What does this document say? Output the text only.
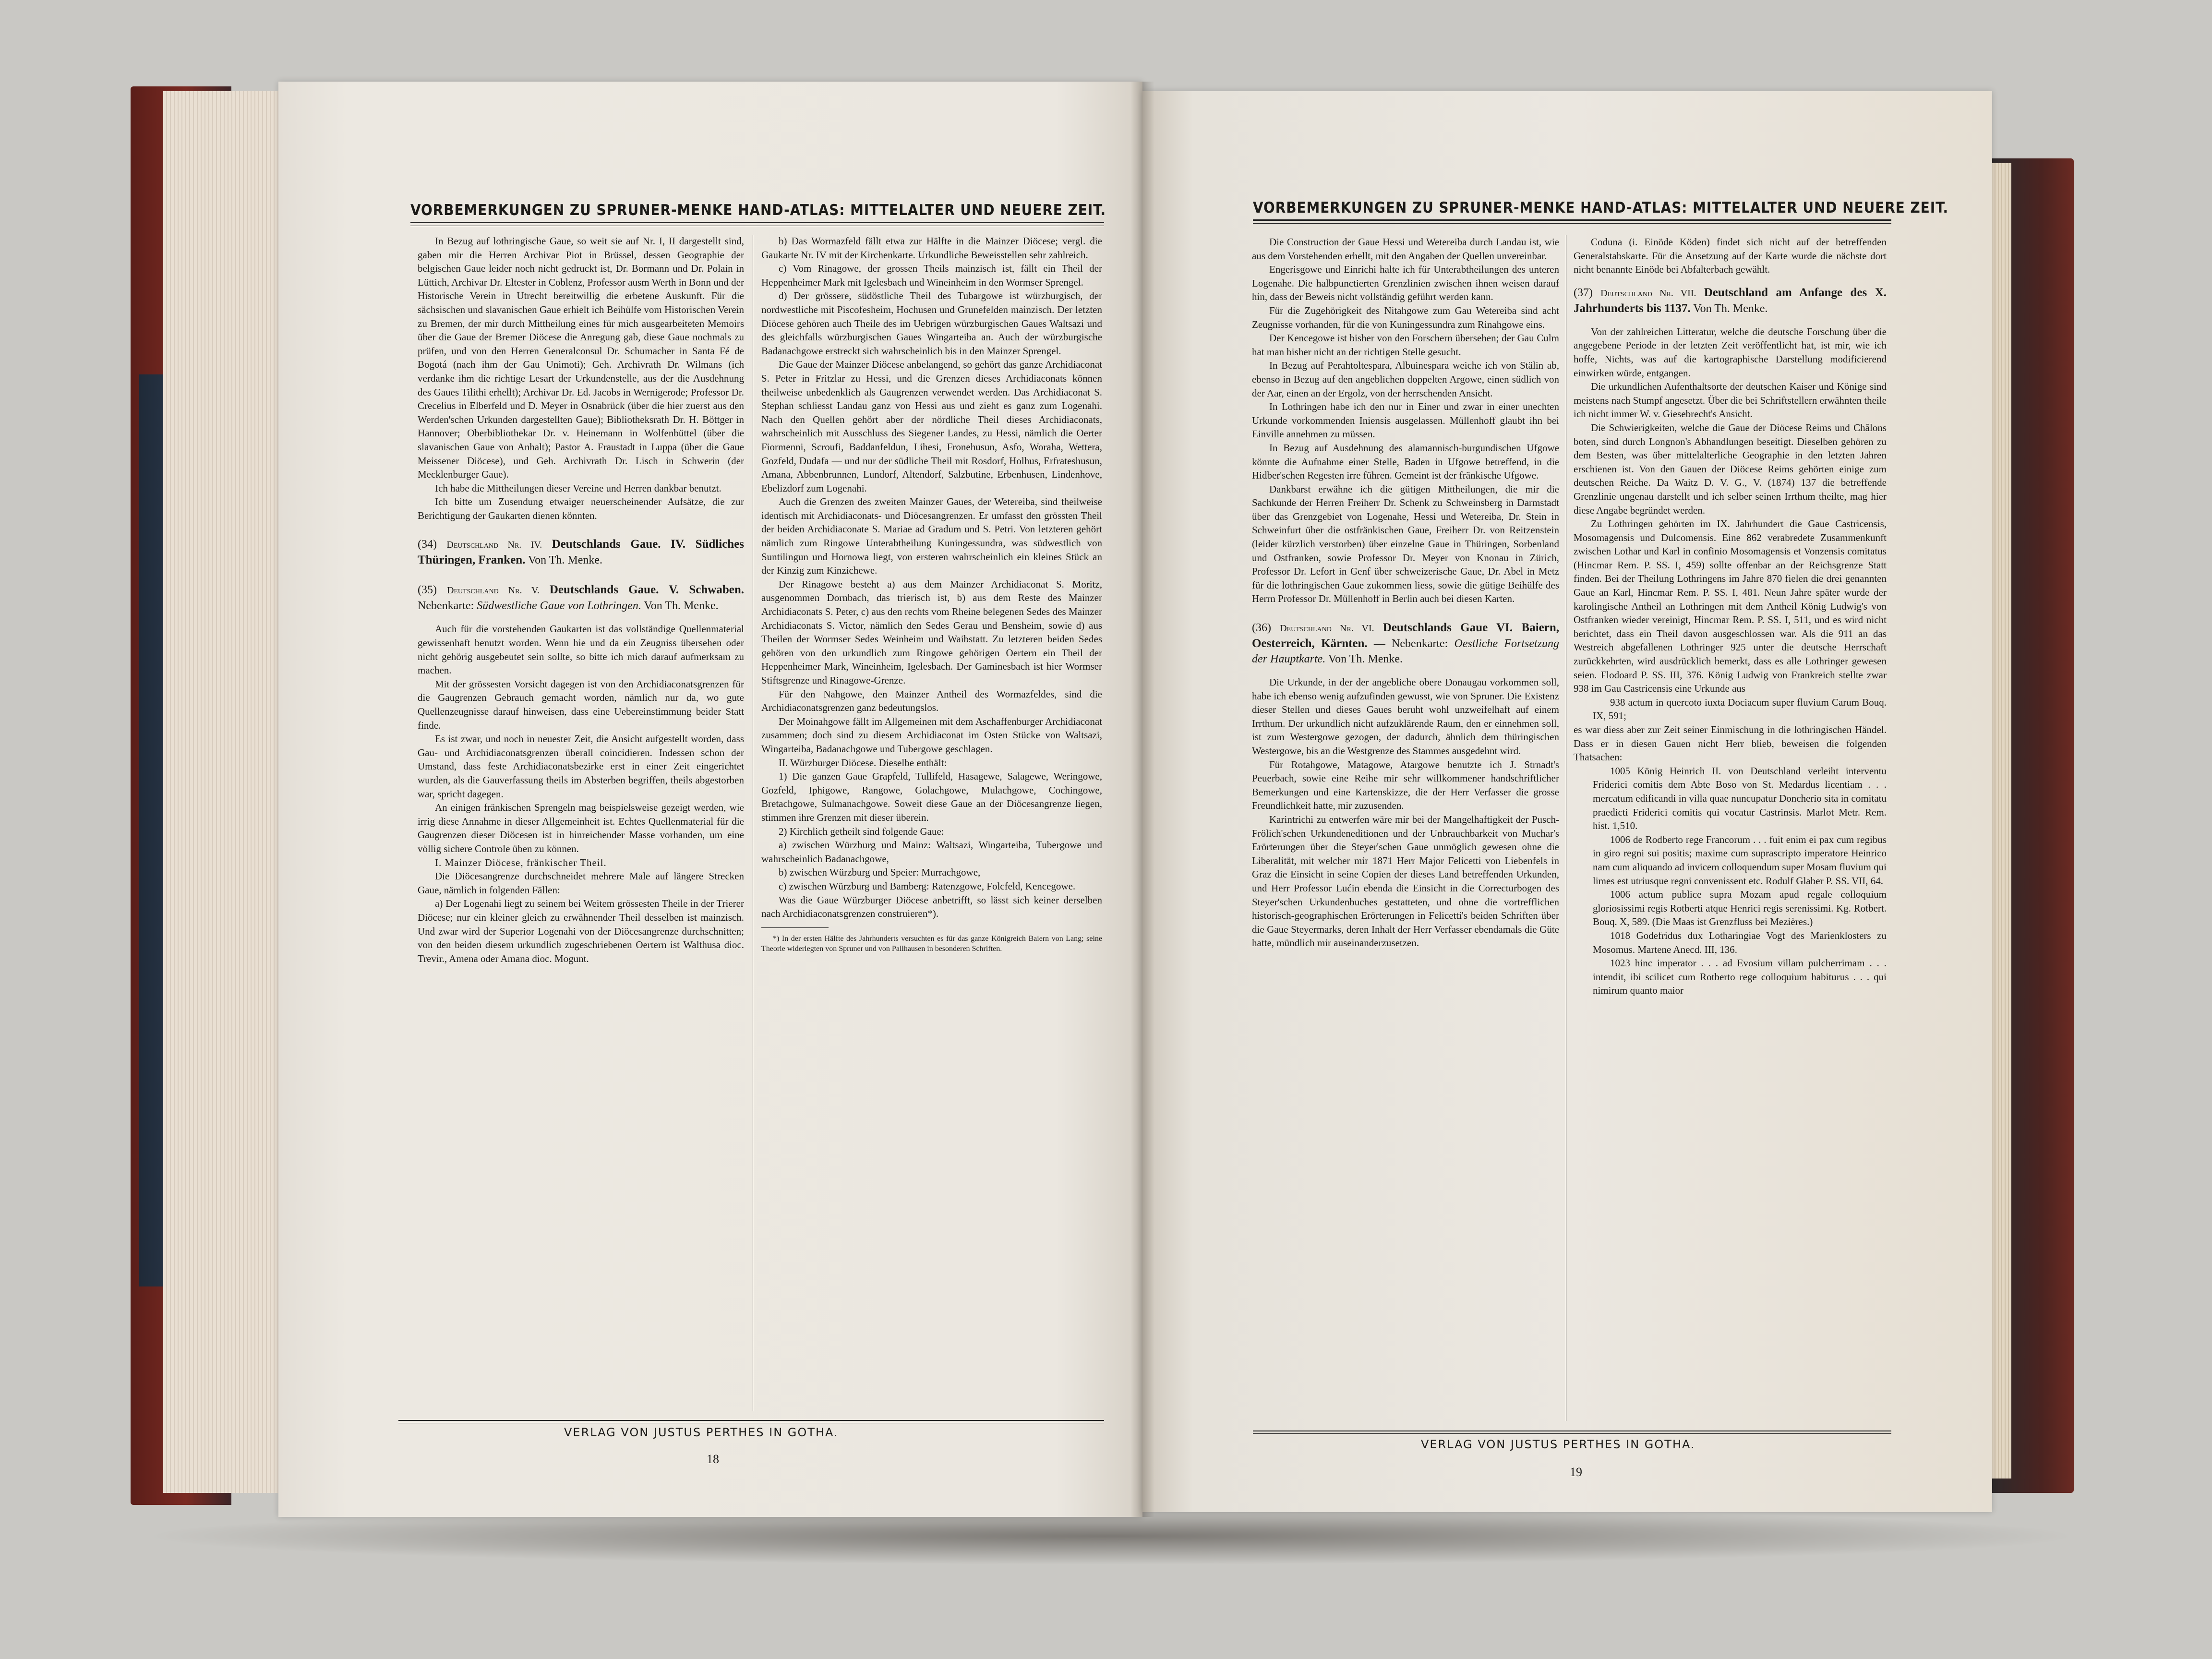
VORBEMERKUNGEN ZU SPRUNER-MENKE HAND-ATLAS: MITTELALTER UND NEUERE ZEIT.

In Bezug auf lothringische Gaue, so weit sie auf Nr. I, II dargestellt sind, gaben mir die Herren Archivar Piot in Brüssel, dessen Geographie der belgischen Gaue leider noch nicht gedruckt ist, Dr. Bormann und Dr. Polain in Lüttich, Archivar Dr. Eltester in Coblenz, Professor ausm Werth in Bonn und der Historische Verein in Utrecht bereitwillig die erbetene Auskunft. Für die sächsischen und slavanischen Gaue erhielt ich Beihülfe vom Historischen Verein zu Bremen, der mir durch Mittheilung eines für mich ausgearbeiteten Memoirs über die Gaue der Bremer Diöcese die Anregung gab, diese Gaue nochmals zu prüfen, und von den Herren Generalconsul Dr. Schumacher in Santa Fé de Bogotá (nach ihm der Gau Unimoti); Geh. Archivrath Dr. Wilmans (ich verdanke ihm die richtige Lesart der Urkundenstelle, aus der die Ausdehnung des Gaues Tilithi erhellt); Archivar Dr. Ed. Jacobs in Wernigerode; Professor Dr. Crecelius in Elberfeld und D. Meyer in Osnabrück (über die hier zuerst aus den Werden'schen Urkunden dargestellten Gaue); Bibliotheksrath Dr. H. Böttger in Hannover; Oberbibliothekar Dr. v. Heinemann in Wolfenbüttel (über die slavanischen Gaue von Anhalt); Pastor A. Fraustadt in Luppa (über die Gaue Meissener Diöcese), und Geh. Archivrath Dr. Lisch in Schwerin (der Mecklenburger Gaue).

Ich habe die Mittheilungen dieser Vereine und Herren dankbar benutzt.

Ich bitte um Zusendung etwaiger neuerscheinender Aufsätze, die zur Berichtigung der Gaukarten dienen könnten.

(34) Deutschland Nr. IV. Deutschlands Gaue. IV. Südliches Thüringen, Franken. Von Th. Menke.
(35) Deutschland Nr. V. Deutschlands Gaue. V. Schwaben. Nebenkarte: Südwestliche Gaue von Lothringen. Von Th. Menke.

Auch für die vorstehenden Gaukarten ist das vollständige Quellenmaterial gewissenhaft benutzt worden. Wenn hie und da ein Zeugniss übersehen oder nicht gehörig ausgebeutet sein sollte, so bitte ich mich darauf aufmerksam zu machen.

Mit der grössesten Vorsicht dagegen ist von den Archidiaconatsgrenzen für die Gaugrenzen Gebrauch gemacht worden, nämlich nur da, wo gute Quellenzeugnisse darauf hinweisen, dass eine Uebereinstimmung beider Statt finde.

Es ist zwar, und noch in neuester Zeit, die Ansicht aufgestellt worden, dass Gau- und Archidiaconatsgrenzen überall coincidieren. Indessen schon der Umstand, dass feste Archidiaconatsbezirke erst in einer Zeit eingerichtet wurden, als die Gauverfassung theils im Absterben begriffen, theils abgestorben war, spricht dagegen.

An einigen fränkischen Sprengeln mag beispielsweise gezeigt werden, wie irrig diese Annahme in dieser Allgemeinheit ist. Echtes Quellenmaterial für die Gaugrenzen dieser Diöcesen ist in hinreichender Masse vorhanden, um eine völlig sichere Controle üben zu können.

I. Mainzer Diöcese, fränkischer Theil.

Die Diöcesangrenze durchschneidet mehrere Male auf längere Strecken Gaue, nämlich in folgenden Fällen:

a) Der Logenahi liegt zu seinem bei Weitem grössesten Theile in der Trierer Diöcese; nur ein kleiner gleich zu erwähnender Theil desselben ist mainzisch. Und zwar wird der Superior Logenahi von der Diöcesangrenze durchschnitten; von den beiden diesem urkundlich zugeschriebenen Oertern ist Walthusa dioc. Trevir., Amena oder Amana dioc. Mogunt.

b) Das Wormazfeld fällt etwa zur Hälfte in die Mainzer Diöcese; vergl. die Gaukarte Nr. IV mit der Kirchenkarte. Urkundliche Beweisstellen sehr zahlreich.

c) Vom Rinagowe, der grossen Theils mainzisch ist, fällt ein Theil der Heppenheimer Mark mit Igelesbach und Wineinheim in den Wormser Sprengel.

d) Der grössere, südöstliche Theil des Tubargowe ist würzburgisch, der nordwestliche mit Piscofesheim, Hochusen und Grunefelden mainzisch. Der letzten Diöcese gehören auch Theile des im Uebrigen würzburgischen Gaues Waltsazi und des gleichfalls würzburgischen Gaues Wingarteiba an. Auch der würzburgische Badanachgowe erstreckt sich wahrscheinlich bis in den Mainzer Sprengel.

Die Gaue der Mainzer Diöcese anbelangend, so gehört das ganze Archidiaconat S. Peter in Fritzlar zu Hessi, und die Grenzen dieses Archidiaconats können theilweise unbedenklich als Gaugrenzen verwendet werden. Das Archidiaconat S. Stephan schliesst Landau ganz von Hessi aus und zieht es ganz zum Logenahi. Nach den Quellen gehört aber der nördliche Theil dieses Archidiaconats, wahrscheinlich mit Ausschluss des Siegener Landes, zu Hessi, nämlich die Oerter Fiormenni, Scroufi, Baddanfeldun, Lihesi, Fronehusun, Asfo, Woraha, Wettera, Gozfeld, Dudafa — und nur der südliche Theil mit Rosdorf, Holhus, Erfrateshusun, Amana, Abbenbrunnen, Lundorf, Altendorf, Salzbutine, Erbenhusen, Lindenhove, Ebelizdorf zum Logenahi.

Auch die Grenzen des zweiten Mainzer Gaues, der Wetereiba, sind theilweise identisch mit Archidiaconats- und Diöcesangrenzen. Er umfasst den grössten Theil der beiden Archidiaconate S. Mariae ad Gradum und S. Petri. Von letzteren gehört nämlich zum Ringowe Unterabtheilung Kuningessundra, was südwestlich von Suntilingun und Hornowa liegt, von ersteren wahrscheinlich ein kleines Stück an der Kinzig zum Kinzichewe.

Der Rinagowe besteht a) aus dem Mainzer Archidiaconat S. Moritz, ausgenommen Dornbach, das trierisch ist, b) aus dem Reste des Mainzer Archidiaconats S. Peter, c) aus den rechts vom Rheine belegenen Sedes des Mainzer Archidiaconats S. Victor, nämlich den Sedes Gerau und Bensheim, sowie d) aus Theilen der Wormser Sedes Weinheim und Waibstatt. Zu letzteren beiden Sedes gehören von den urkundlich zum Ringowe gehörigen Oertern ein Theil der Heppenheimer Mark, Wineinheim, Igelesbach. Der Gaminesbach ist hier Wormser Stiftsgrenze und Rinagowe-Grenze.

Für den Nahgowe, den Mainzer Antheil des Wormazfeldes, sind die Archidiaconatsgrenzen ganz bedeutungslos.

Der Moinahgowe fällt im Allgemeinen mit dem Aschaffenburger Archidiaconat zusammen; doch sind zu diesem Archidiaconat im Osten Stücke von Waltsazi, Wingarteiba, Badanachgowe und Tubergowe geschlagen.

II. Würzburger Diöcese. Dieselbe enthält:

1) Die ganzen Gaue Grapfeld, Tullifeld, Hasagewe, Salagewe, Weringowe, Gozfeld, Iphigowe, Rangowe, Golachgowe, Mulachgowe, Cochingowe, Bretachgowe, Sulmanachgowe. Soweit diese Gaue an der Diöcesangrenze liegen, stimmen ihre Grenzen mit dieser überein.

2) Kirchlich getheilt sind folgende Gaue:

a) zwischen Würzburg und Mainz: Waltsazi, Wingarteiba, Tubergowe und wahrscheinlich Badanachgowe,

b) zwischen Würzburg und Speier: Murrachgowe,

c) zwischen Würzburg und Bamberg: Ratenzgowe, Folcfeld, Kencegowe.

Was die Gaue Würzburger Diöcese anbetrifft, so lässt sich keiner derselben nach Archidiaconatsgrenzen construieren*).

*) In der ersten Hälfte des Jahrhunderts versuchten es für das ganze Königreich Baiern von Lang; seine Theorie widerlegten von Spruner und von Pallhausen in besonderen Schriften.

VERLAG VON JUSTUS PERTHES IN GOTHA.
18
VORBEMERKUNGEN ZU SPRUNER-MENKE HAND-ATLAS: MITTELALTER UND NEUERE ZEIT.

Die Construction der Gaue Hessi und Wetereiba durch Landau ist, wie aus dem Vorstehenden erhellt, mit den Angaben der Quellen unvereinbar.

Engerisgowe und Einrichi halte ich für Unterabtheilungen des unteren Logenahe. Die halbpunctierten Grenzlinien zwischen ihnen weisen darauf hin, dass der Beweis nicht vollständig geführt werden kann.

Für die Zugehörigkeit des Nitahgowe zum Gau Wetereiba sind acht Zeugnisse vorhanden, für die von Kuningessundra zum Rinahgowe eins.

Der Kencegowe ist bisher von den Forschern übersehen; der Gau Culm hat man bisher nicht an der richtigen Stelle gesucht.

In Bezug auf Perahtoltespara, Albuinespara weiche ich von Stälin ab, ebenso in Bezug auf den angeblichen doppelten Argowe, einen südlich von der Aar, einen an der Ergolz, von der herrschenden Ansicht.

In Lothringen habe ich den nur in Einer und zwar in einer unechten Urkunde vorkommenden Iniensis ausgelassen. Müllenhoff glaubt ihn bei Einville annehmen zu müssen.

In Bezug auf Ausdehnung des alamannisch-burgundischen Ufgowe könnte die Aufnahme einer Stelle, Baden in Ufgowe betreffend, in die Hidber'schen Regesten irre führen. Gemeint ist der fränkische Ufgowe.

Dankbarst erwähne ich die gütigen Mittheilungen, die mir die Sachkunde der Herren Freiherr Dr. Schenk zu Schweinsberg in Darmstadt über das Grenzgebiet von Logenahe, Hessi und Wetereiba, Dr. Stein in Schweinfurt über die ostfränkischen Gaue, Freiherr Dr. von Reitzenstein (leider kürzlich verstorben) über einzelne Gaue in Thüringen, Sorbenland und Ostfranken, sowie Professor Dr. Meyer von Knonau in Zürich, Professor Dr. Lefort in Genf über schweizerische Gaue, Dr. Abel in Metz für die lothringischen Gaue zukommen liess, sowie die gütige Beihülfe des Herrn Professor Dr. Müllenhoff in Berlin auch bei diesen Karten.

(36) Deutschland Nr. VI. Deutschlands Gaue VI. Baiern, Oesterreich, Kärnten. — Nebenkarte: Oestliche Fortsetzung der Hauptkarte. Von Th. Menke.

Die Urkunde, in der der angebliche obere Donaugau vorkommen soll, habe ich ebenso wenig aufzufinden gewusst, wie von Spruner. Die Existenz dieser Stellen und dieses Gaues beruht wohl unzweifelhaft auf einem Irrthum. Der urkundlich nicht aufzuklärende Raum, den er einnehmen soll, ist zum Westergowe gezogen, der dadurch, ähnlich dem thüringischen Westergowe, bis an die Westgrenze des Stammes ausgedehnt wird.

Für Rotahgowe, Matagowe, Atargowe benutzte ich J. Strnadt's Peuerbach, sowie eine Reihe mir sehr willkommener handschriftlicher Bemerkungen und eine Kartenskizze, die der Herr Verfasser die grosse Freundlichkeit hatte, mir zuzusenden.

Karintrichi zu entwerfen wäre mir bei der Mangelhaftigkeit der Pusch-Frölich'schen Urkundeneditionen und der Unbrauchbarkeit von Muchar's Erörterungen über die Steyer'schen Gaue unmöglich gewesen ohne die Liberalität, mit welcher mir 1871 Herr Major Felicetti von Liebenfels in Graz die Einsicht in seine Copien der dieses Land betreffenden Urkunden, und Herr Professor Lućin ebenda die Einsicht in die Correcturbogen des Steyer'schen Urkundenbuches gestatteten, und ohne die vortrefflichen historisch-geographischen Erörterungen in Felicetti's beiden Schriften über die Gaue Steyermarks, deren Inhalt der Herr Verfasser ebendamals die Güte hatte, mündlich mir auseinanderzusetzen.

Coduna (i. Einöde Köden) findet sich nicht auf der betreffenden Generalstabskarte. Für die Ansetzung auf der Karte wurde die nächste dort nicht benannte Einöde bei Abfalterbach gewählt.

(37) Deutschland Nr. VII. Deutschland am Anfange des X. Jahrhunderts bis 1137. Von Th. Menke.

Von der zahlreichen Litteratur, welche die deutsche Forschung über die angegebene Periode in der letzten Zeit veröffentlicht hat, ist mir, wie ich hoffe, Nichts, was auf die kartographische Darstellung modificierend einwirken würde, entgangen.

Die urkundlichen Aufenthaltsorte der deutschen Kaiser und Könige sind meistens nach Stumpf angesetzt. Über die bei Schriftstellern erwähnten theile ich nicht immer W. v. Giesebrecht's Ansicht.

Die Schwierigkeiten, welche die Gaue der Diöcese Reims und Châlons boten, sind durch Longnon's Abhandlungen beseitigt. Dieselben gehören zu dem Besten, was über mittelalterliche Geographie in den letzten Jahren erschienen ist. Von den Gauen der Diöcese Reims gehörten einige zum deutschen Reiche. Da Waitz D. V. G., V. (1874) 137 die betreffende Grenzlinie ungenau darstellt und ich selber seinen Irrthum theilte, mag hier diese Angabe begründet werden.

Zu Lothringen gehörten im IX. Jahrhundert die Gaue Castricensis, Mosomagensis und Dulcomensis. Eine 862 verabredete Zusammenkunft zwischen Lothar und Karl in confinio Mosomagensis et Vonzensis comitatus (Hincmar Rem. P. SS. I, 459) sollte offenbar an der Reichsgrenze Statt finden. Bei der Theilung Lothringens im Jahre 870 fielen die drei genannten Gaue an Karl, Hincmar Rem. P. SS. I, 481. Neun Jahre später wurde der karolingische Antheil an Lothringen mit dem Antheil König Ludwig's von Ostfranken wieder vereinigt, Hincmar Rem. P. SS. I, 511, und es wird nicht berichtet, dass ein Theil davon ausgeschlossen war. Als die 911 an das Westreich abgefallenen Lothringer 925 unter die deutsche Herrschaft zurückkehrten, wird ausdrücklich bemerkt, dass es alle Lothringer gewesen seien. Flodoard P. SS. III, 376. König Ludwig von Frankreich stellte zwar 938 im Gau Castricensis eine Urkunde aus

938 actum in quercoto iuxta Dociacum super fluvium Carum Bouq. IX, 591;

es war diess aber zur Zeit seiner Einmischung in die lothringischen Händel. Dass er in diesen Gauen nicht Herr blieb, beweisen die folgenden Thatsachen:

1005 König Heinrich II. von Deutschland verleiht interventu Friderici comitis dem Abte Boso von St. Medardus licentiam . . . mercatum edificandi in villa quae nuncupatur Doncherio sita in comitatu praedicti Friderici comitis qui vocatur Castrinsis. Marlot Metr. Rem. hist. 1,510.

1006 de Rodberto rege Francorum . . . fuit enim ei pax cum regibus in giro regni sui positis; maxime cum suprascripto imperatore Heinrico nam cum aliquando ad invicem colloquendum super Mosam fluvium qui limes est utriusque regni convenissent etc. Rodulf Glaber P. SS. VII, 64.

1006 actum publice supra Mozam apud regale colloquium gloriosissimi regis Rotberti atque Henrici regis serenissimi. Kg. Rotbert. Bouq. X, 589. (Die Maas ist Grenzfluss bei Mezières.)

1018 Godefridus dux Lotharingiae Vogt des Marienklosters zu Mosomus. Martene Anecd. III, 136.

1023 hinc imperator . . . ad Evosium villam pulcherrimam . . . intendit, ibi scilicet cum Rotberto rege colloquium habiturus . . . qui nimirum quanto maior

VERLAG VON JUSTUS PERTHES IN GOTHA.
19
